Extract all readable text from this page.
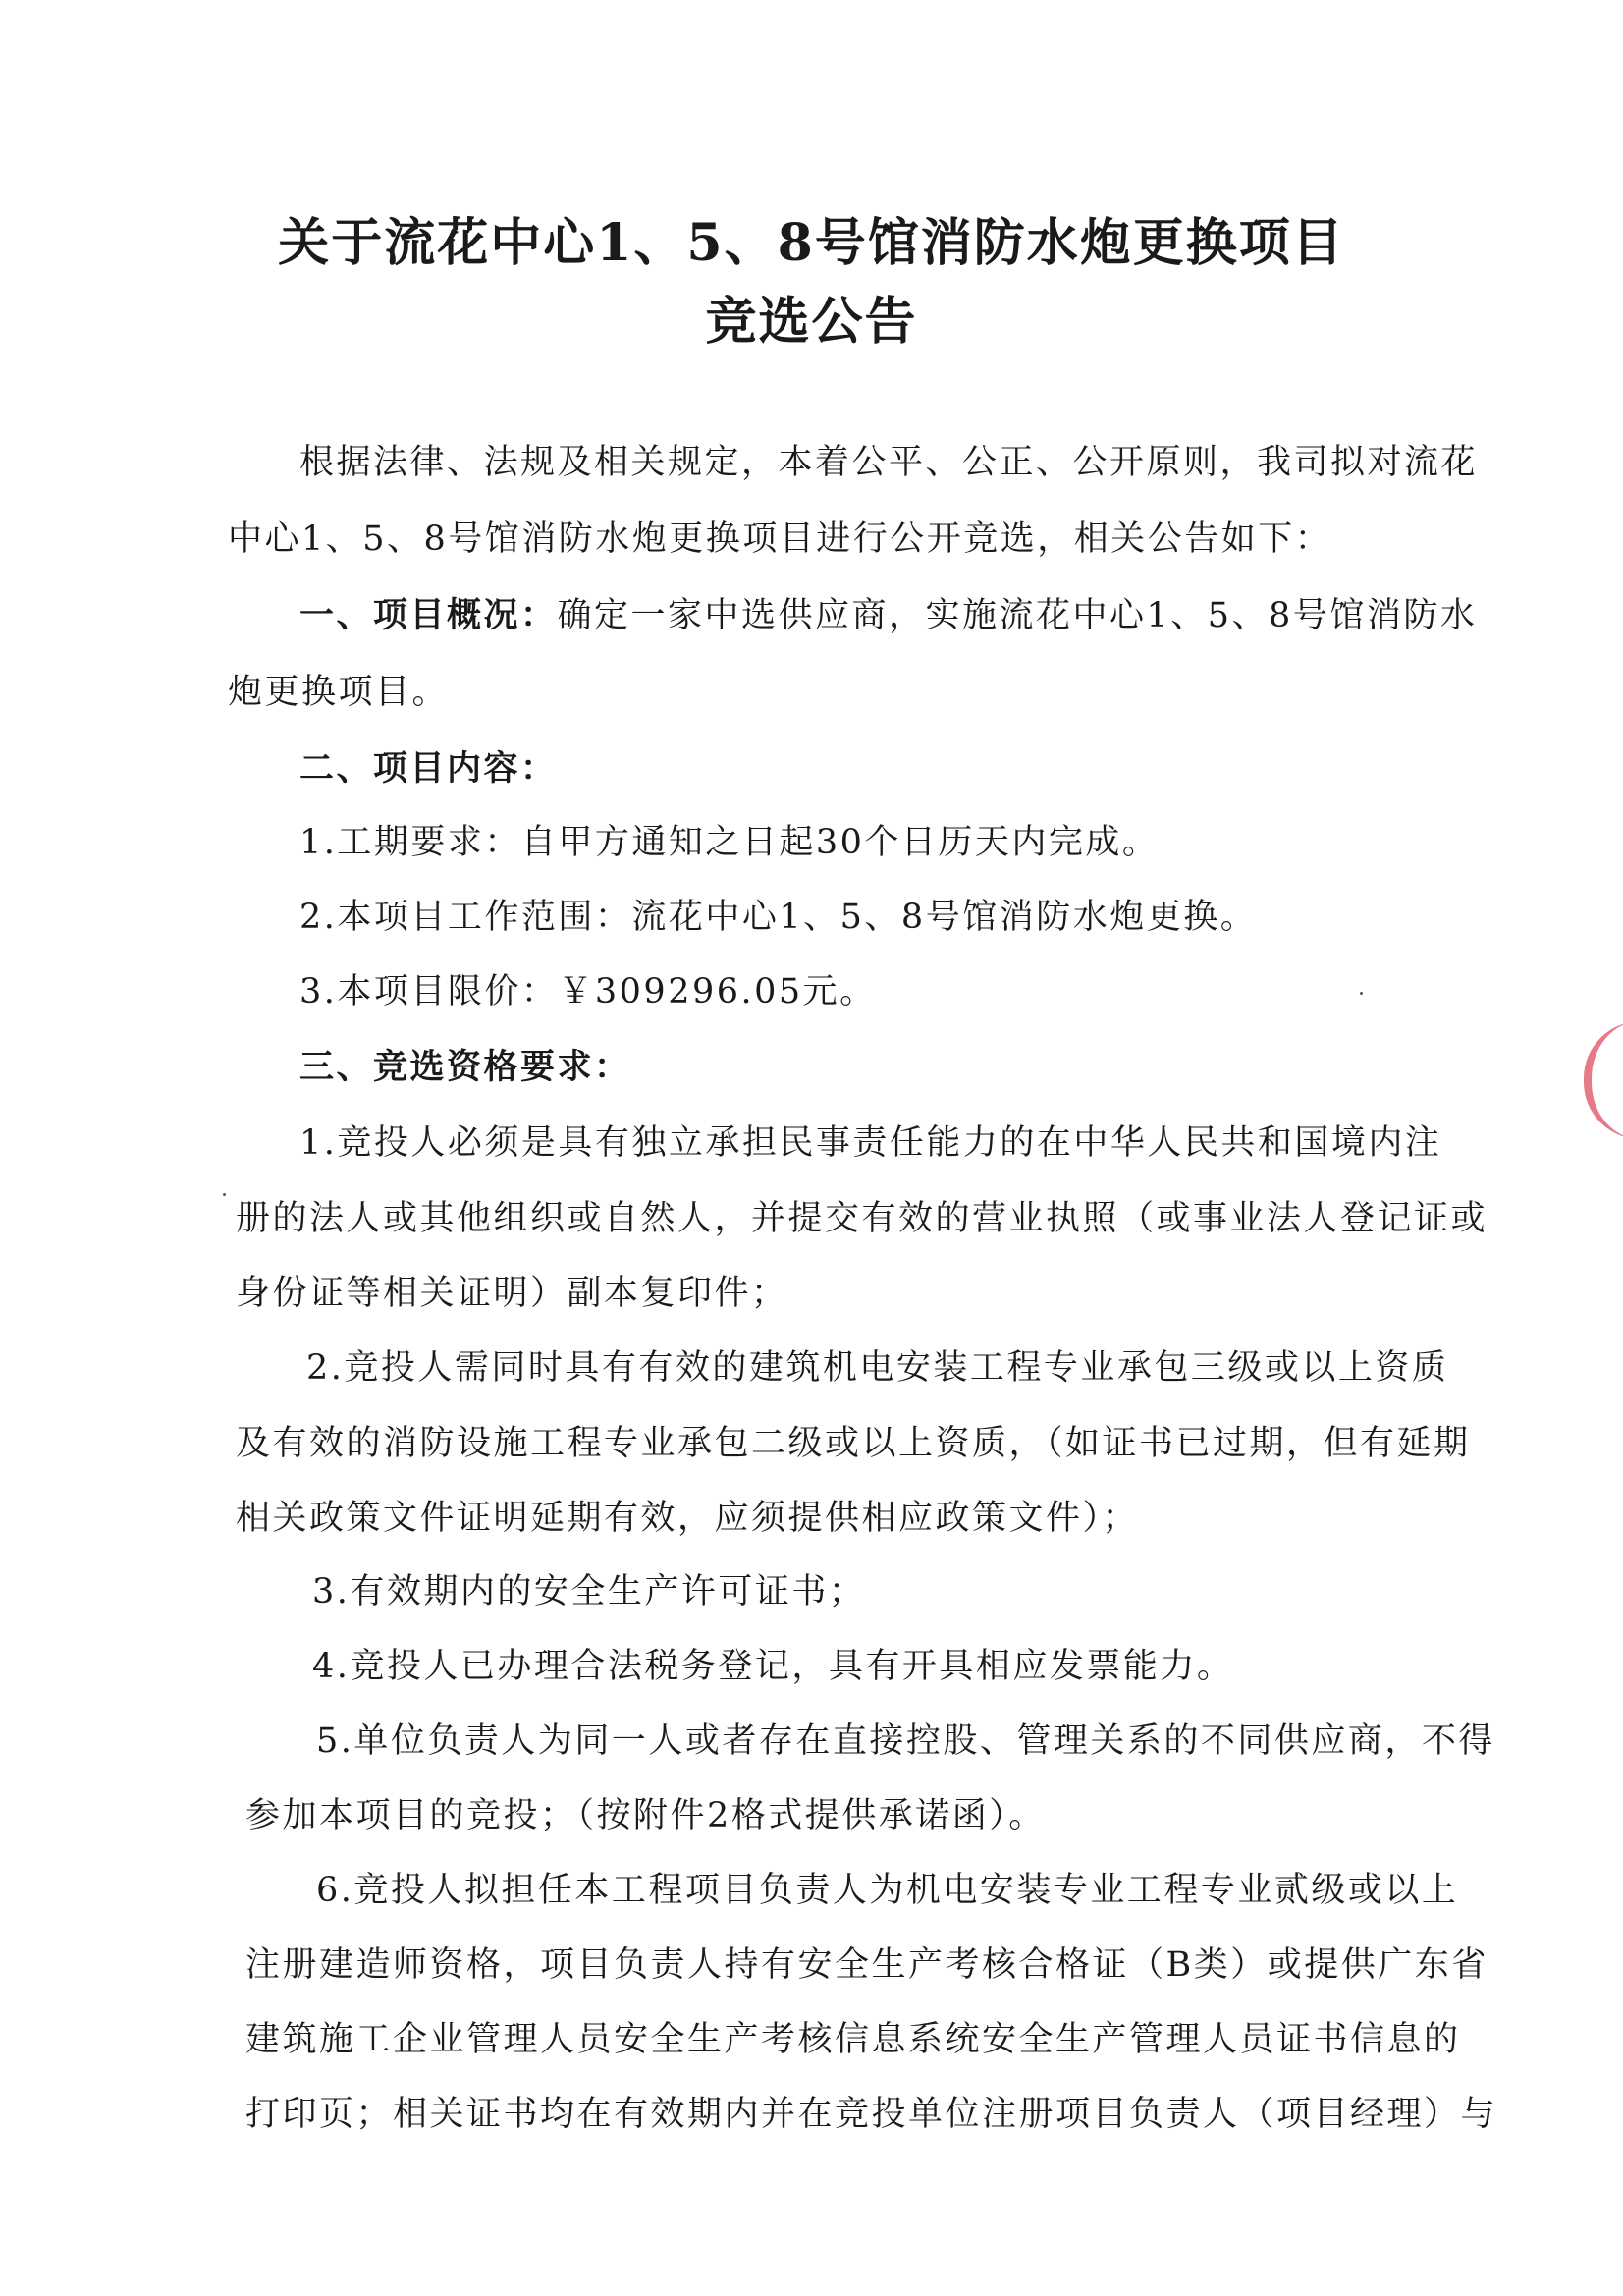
关于流花中心1、5、8号馆消防水炮更换项目
竞选公告
根据法律、法规及相关规定，本着公平、公正、公开原则，我司拟对流花
中心1、5、8号馆消防水炮更换项目进行公开竞选，相关公告如下：
一、项目概况：确定一家中选供应商，实施流花中心1、5、8号馆消防水
炮更换项目。
二、项目内容：
1.工期要求：自甲方通知之日起30个日历天内完成。
2.本项目工作范围：流花中心1、5、8号馆消防水炮更换。
3.本项目限价：￥309296.05元。
三、竞选资格要求：
1.竞投人必须是具有独立承担民事责任能力的在中华人民共和国境内注
册的法人或其他组织或自然人，并提交有效的营业执照（或事业法人登记证或
身份证等相关证明）副本复印件；
2.竞投人需同时具有有效的建筑机电安装工程专业承包三级或以上资质
及有效的消防设施工程专业承包二级或以上资质，（如证书已过期，但有延期
相关政策文件证明延期有效，应须提供相应政策文件）；
3.有效期内的安全生产许可证书；
4.竞投人已办理合法税务登记，具有开具相应发票能力。
5.单位负责人为同一人或者存在直接控股、管理关系的不同供应商，不得
参加本项目的竞投；（按附件2格式提供承诺函）。
6.竞投人拟担任本工程项目负责人为机电安装专业工程专业贰级或以上
注册建造师资格，项目负责人持有安全生产考核合格证（B类）或提供广东省
建筑施工企业管理人员安全生产考核信息系统安全生产管理人员证书信息的
打印页；相关证书均在有效期内并在竞投单位注册项目负责人（项目经理）与
